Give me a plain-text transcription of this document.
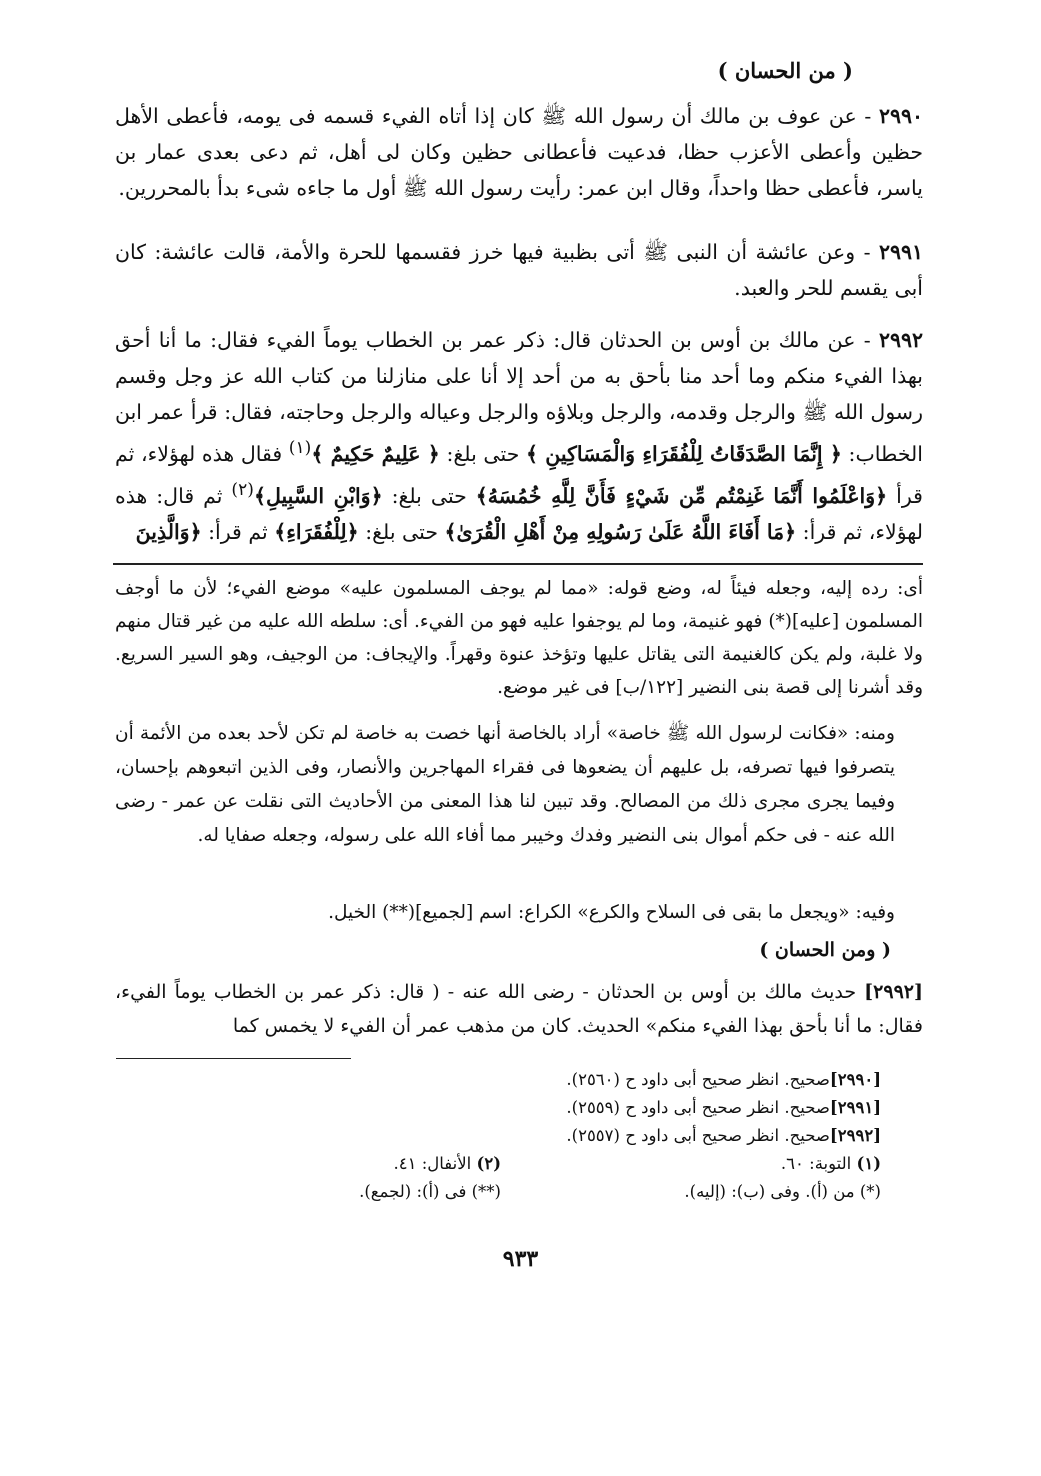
( من الحسان )
٢٩٩٠ - عن عوف بن مالك أن رسول الله ﷺ كان إذا أتاه الفيء قسمه فى يومه، فأعطى الأهل حظين وأعطى الأعزب حظا، فدعيت فأعطانى حظين وكان لى أهل، ثم دعى بعدى عمار بن ياسر، فأعطى حظا واحداً، وقال ابن عمر: رأيت رسول الله ﷺ أول ما جاءه شىء بدأ بالمحررين.
٢٩٩١ - وعن عائشة أن النبى ﷺ أتى بظبية فيها خرز فقسمها للحرة والأمة، قالت عائشة: كان أبى يقسم للحر والعبد.
٢٩٩٢ - عن مالك بن أوس بن الحدثان قال: ذكر عمر بن الخطاب يوماً الفيء فقال: ما أنا أحق بهذا الفيء منكم وما أحد منا بأحق به من أحد إلا أنا على منازلنا من كتاب الله عز وجل وقسم رسول الله ﷺ والرجل وقدمه، والرجل وبلاؤه والرجل وعياله والرجل وحاجته، فقال: قرأ عمر ابن الخطاب: ﴿ إِنَّمَا الصَّدَقَاتُ لِلْفُقَرَاءِ وَالْمَسَاكِينِ ﴾ حتى بلغ: ﴿ عَلِيمٌ حَكِيمٌ ﴾$^{(١)}$ فقال هذه لهؤلاء، ثم قرأ ﴿وَاعْلَمُوا أَنَّمَا غَنِمْتُم مِّن شَيْءٍ فَأَنَّ لِلَّهِ خُمُسَهُ﴾ حتى بلغ: ﴿وَابْنِ السَّبِيلِ﴾$^{(٢)}$ ثم قال: هذه لهؤلاء، ثم قرأ: ﴿مَا أَفَاءَ اللَّهُ عَلَىٰ رَسُولِهِ مِنْ أَهْلِ الْقُرَىٰ﴾ حتى بلغ: ﴿لِلْفُقَرَاءِ﴾ ثم قرأ: ﴿وَالَّذِينَ
أى: رده إليه، وجعله فيئاً له، وضع قوله: «مما لم يوجف المسلمون عليه» موضع الفيء؛ لأن ما أوجف المسلمون [عليه](*) فهو غنيمة، وما لم يوجفوا عليه فهو من الفيء. أى: سلطه الله عليه من غير قتال منهم ولا غلبة، ولم يكن كالغنيمة التى يقاتل عليها وتؤخذ عنوة وقهراً. والإيجاف: من الوجيف، وهو السير السريع. وقد أشرنا إلى قصة بنى النضير [١٢٢/ب] فى غير موضع.
ومنه: «فكانت لرسول الله ﷺ خاصة» أراد بالخاصة أنها خصت به خاصة لم تكن لأحد بعده من الأئمة أن يتصرفوا فيها تصرفه، بل عليهم أن يضعوها فى فقراء المهاجرين والأنصار، وفى الذين اتبعوهم بإحسان، وفيما يجرى مجرى ذلك من المصالح. وقد تبين لنا هذا المعنى من الأحاديث التى نقلت عن عمر - رضى الله عنه - فى حكم أموال بنى النضير وفدك وخيبر مما أفاء الله على رسوله، وجعله صفايا له.
وفيه: «ويجعل ما بقى فى السلاح والكرع» الكراع: اسم [لجميع](**) الخيل.
( ومن الحسان )
[٢٩٩٢] حديث مالك بن أوس بن الحدثان - رضى الله عنه - ( قال: ذكر عمر بن الخطاب يوماً الفيء، فقال: ما أنا بأحق بهذا الفيء منكم» الحديث. كان من مذهب عمر أن الفيء لا يخمس كما
[٢٩٩٠]صحيح. انظر صحيح أبى داود ح (٢٥٦٠).
[٢٩٩١]صحيح. انظر صحيح أبى داود ح (٢٥٥٩).
[٢٩٩٢]صحيح. انظر صحيح أبى داود ح (٢٥٥٧).
(١) التوبة: ٦٠.
(٢) الأنفال: ٤١.
(*) من (أ). وفى (ب): (إليه).
(**) فى (أ): (لجمع).
٩٣٣
